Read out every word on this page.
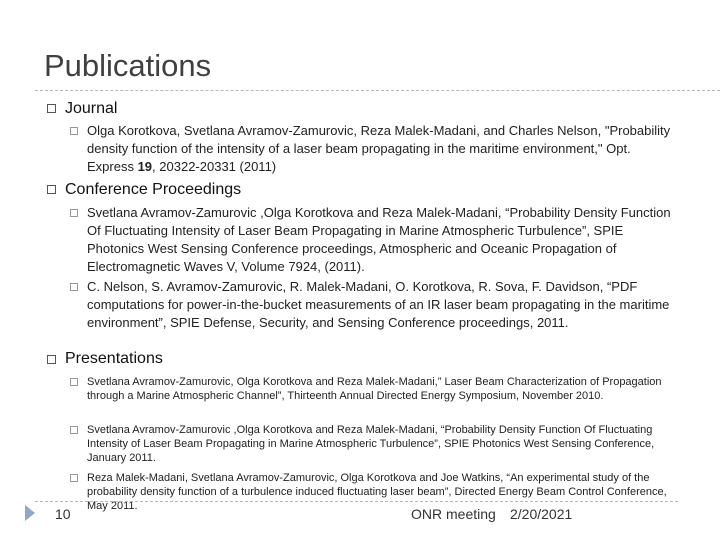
Publications
Journal
Olga Korotkova, Svetlana Avramov-Zamurovic, Reza Malek-Madani, and Charles Nelson, "Probability density function of the intensity of a laser beam propagating in the maritime environment," Opt. Express 19, 20322-20331 (2011)
Conference Proceedings
Svetlana Avramov-Zamurovic ,Olga Korotkova and Reza Malek-Madani, “Probability Density Function Of Fluctuating Intensity of Laser Beam Propagating in Marine Atmospheric Turbulence”, SPIE Photonics West Sensing Conference proceedings, Atmospheric and Oceanic Propagation of Electromagnetic Waves V, Volume 7924, (2011).
C. Nelson, S. Avramov-Zamurovic, R. Malek-Madani, O. Korotkova, R. Sova, F. Davidson, “PDF computations for power-in-the-bucket measurements of an IR laser beam propagating in the maritime environment”, SPIE Defense, Security, and Sensing Conference proceedings, 2011.
Presentations
Svetlana Avramov-Zamurovic, Olga Korotkova and Reza Malek-Madani,” Laser Beam Characterization of Propagation through a Marine Atmospheric Channel”, Thirteenth Annual Directed Energy Symposium, November 2010.
Svetlana Avramov-Zamurovic ,Olga Korotkova and Reza Malek-Madani, “Probability Density Function Of Fluctuating Intensity of Laser Beam Propagating in Marine Atmospheric Turbulence”, SPIE Photonics West Sensing Conference, January 2011.
Reza Malek-Madani, Svetlana Avramov-Zamurovic, Olga Korotkova and Joe Watkins, “An experimental study of the probability density function of a turbulence induced fluctuating laser beam”, Directed Energy Beam Control Conference, May 2011.
10	ONR meeting 2/20/2021
